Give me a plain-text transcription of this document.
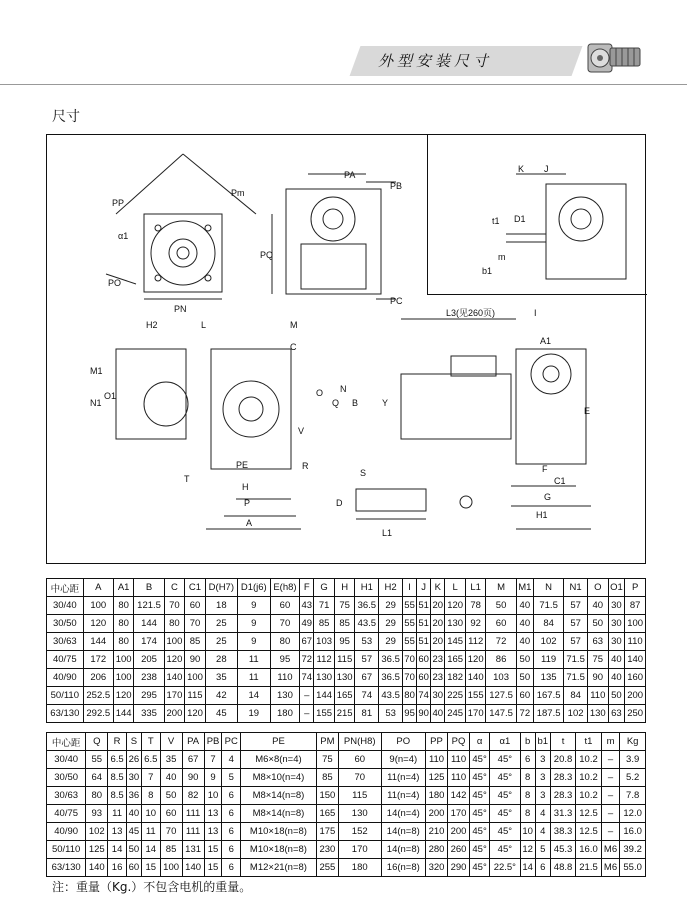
外型安装尺寸
尺寸
PA
PB
PP
Pm
α1
PO
PQ
PN
PC
K J
t1 D1
m
b1
L3(见260页)	I
A1
H2	L
C
M
M1
N
N1
O1	O
Q
V
B	Y
PE	R
H
P
A
T
S
D
L1
E
F
C1
G
H1
中心距	A	A1	B	C	C1	D(H7)	D1(j6)	E(h8)	F	G	H	H1	H2	I	J	K	L	L1	M	M1	N	N1	O	O1	P
30/40	100	80	121.5	70	60	18	9	60	43	71	75	36.5	29	55	51	20	120	78	50	40	71.5	57	40	30	87
30/50	120	80	144	80	70	25	9	70	49	85	85	43.5	29	55	51	20	130	92	60	40	84	57	50	30	100
30/63	144	80	174	100	85	25	9	80	67	103	95	53	29	55	51	20	145	112	72	40	102	57	63	30	110
40/75	172	100	205	120	90	28	11	95	72	112	115	57	36.5	70	60	23	165	120	86	50	119	71.5	75	40	140
40/90	206	100	238	140	100	35	11	110	74	130	130	67	36.5	70	60	23	182	140	103	50	135	71.5	90	40	160
50/110	252.5	120	295	170	115	42	14	130	–	144	165	74	43.5	80	74	30	225	155	127.5	60	167.5	84	110	50	200
63/130	292.5	144	335	200	120	45	19	180	–	155	215	81	53	95	90	40	245	170	147.5	72	187.5	102	130	63	250
中心距	Q	R	S	T	V	PA	PB	PC	PE	PM	PN(H8)	PO	PP	PQ	α	α1	b	b1	t	t1	m	Kg
30/40	55	6.5	26	6.5	35	67	7	4	M6×8(n=4)	75	60	9(n=4)	110	110	45°	45°	6	3	20.8	10.2	–	3.9
30/50	64	8.5	30	7	40	90	9	5	M8×10(n=4)	85	70	11(n=4)	125	110	45°	45°	8	3	28.3	10.2	–	5.2
30/63	80	8.5	36	8	50	82	10	6	M8×14(n=8)	150	115	11(n=4)	180	142	45°	45°	8	3	28.3	10.2	–	7.8
40/75	93	11	40	10	60	111	13	6	M8×14(n=8)	165	130	14(n=4)	200	170	45°	45°	8	4	31.3	12.5	–	12.0
40/90	102	13	45	11	70	111	13	6	M10×18(n=8)	175	152	14(n=8)	210	200	45°	45°	10	4	38.3	12.5	–	16.0
50/110	125	14	50	14	85	131	15	6	M10×18(n=8)	230	170	14(n=8)	280	260	45°	45°	12	5	45.3	16.0	M6	39.2
63/130	140	16	60	15	100	140	15	6	M12×21(n=8)	255	180	16(n=8)	320	290	45°	22.5°	14	6	48.8	21.5	M6	55.0
注：重量（Kg.）不包含电机的重量。
